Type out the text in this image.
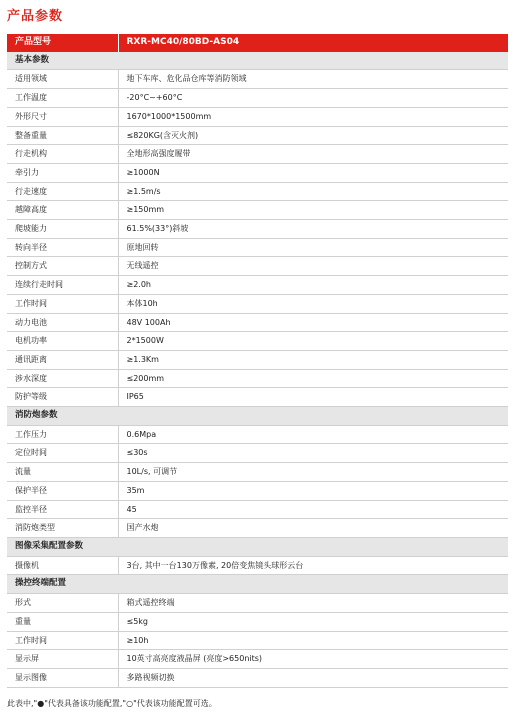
产品参数
产品型号	RXR-MC40/80BD-AS04
基本参数	
适用领域	地下车库、危化品仓库等消防领域
工作温度	-20°C~+60°C
外形尺寸	1670*1000*1500mm
整备重量	≤820KG(含灭火剂)
行走机构	全地形高强度履带
牵引力	≥1000N
行走速度	≥1.5m/s
越障高度	≥150mm
爬坡能力	61.5%(33°)斜坡
转向半径	原地回转
控制方式	无线遥控
连续行走时间	≥2.0h
工作时间	本体10h
动力电池	48V 100Ah
电机功率	2*1500W
通讯距离	≥1.3Km
涉水深度	≤200mm
防护等级	IP65
消防炮参数	
工作压力	0.6Mpa
定位时间	≤30s
流量	10L/s, 可调节
保护半径	35m
监控半径	45
消防炮类型	国产水炮
图像采集配置参数	
摄像机	3台, 其中一台130万像素, 20倍变焦镜头球形云台
操控终端配置	
形式	箱式遥控终端
重量	≤5kg
工作时间	≥10h
显示屏	10英寸高亮度液晶屏 (亮度>650nits)
显示图像	多路视频切换
此表中,"●"代表具备该功能配置,"○"代表该功能配置可选。
